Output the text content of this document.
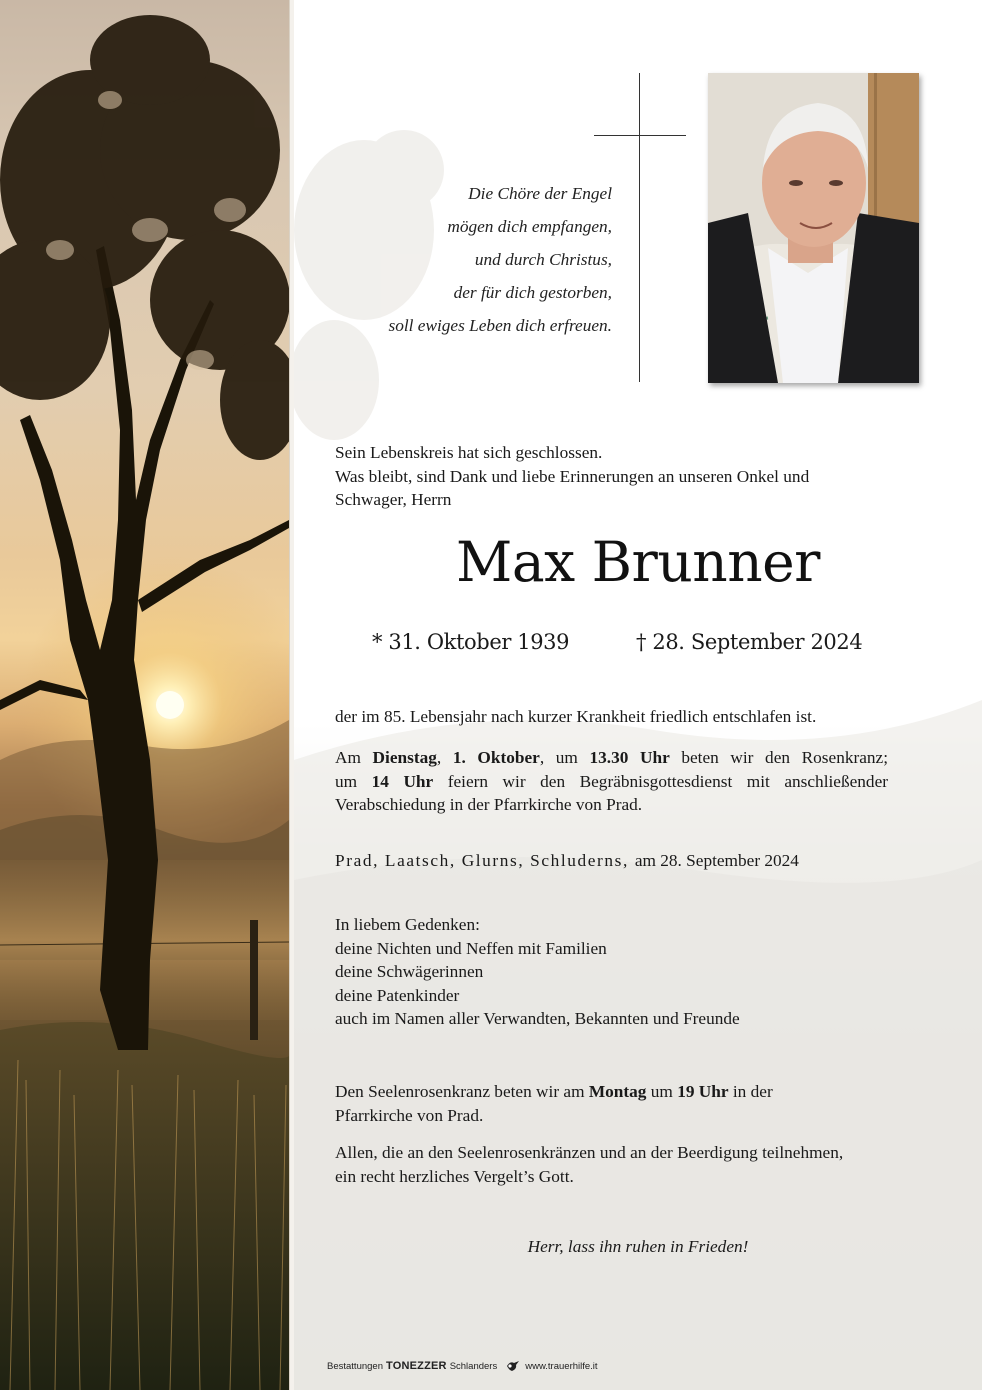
Die Chöre der Engel
mögen dich empfangen,
und durch Christus,
der für dich gestorben,
soll ewiges Leben dich erfreuen.
Sein Lebenskreis hat sich geschlossen.
Was bleibt, sind Dank und liebe Erinnerungen an unseren Onkel und
Schwager, Herrn
Max Brunner
* 31. Oktober 1939	† 28. September 2024
der im 85. Lebensjahr nach kurzer Krankheit friedlich entschlafen ist.
Am Dienstag, 1. Oktober, um 13.30 Uhr beten wir den Rosenkranz;
um 14 Uhr feiern wir den Begräbnisgottesdienst mit anschließender
Verabschiedung in der Pfarrkirche von Prad.
Prad, Laatsch, Glurns, Schluderns, am 28. September 2024
In liebem Gedenken:
deine Nichten und Neffen mit Familien
deine Schwägerinnen
deine Patenkinder
auch im Namen aller Verwandten, Bekannten und Freunde
Den Seelenrosenkranz beten wir am Montag um 19 Uhr in der
Pfarrkirche von Prad.
Allen, die an den Seelenrosenkränzen und an der Beerdigung teilnehmen,
ein recht herzliches Vergelt’s Gott.
Herr, lass ihn ruhen in Frieden!
Bestattungen TONEZZER Schlanders	www.trauerhilfe.it
